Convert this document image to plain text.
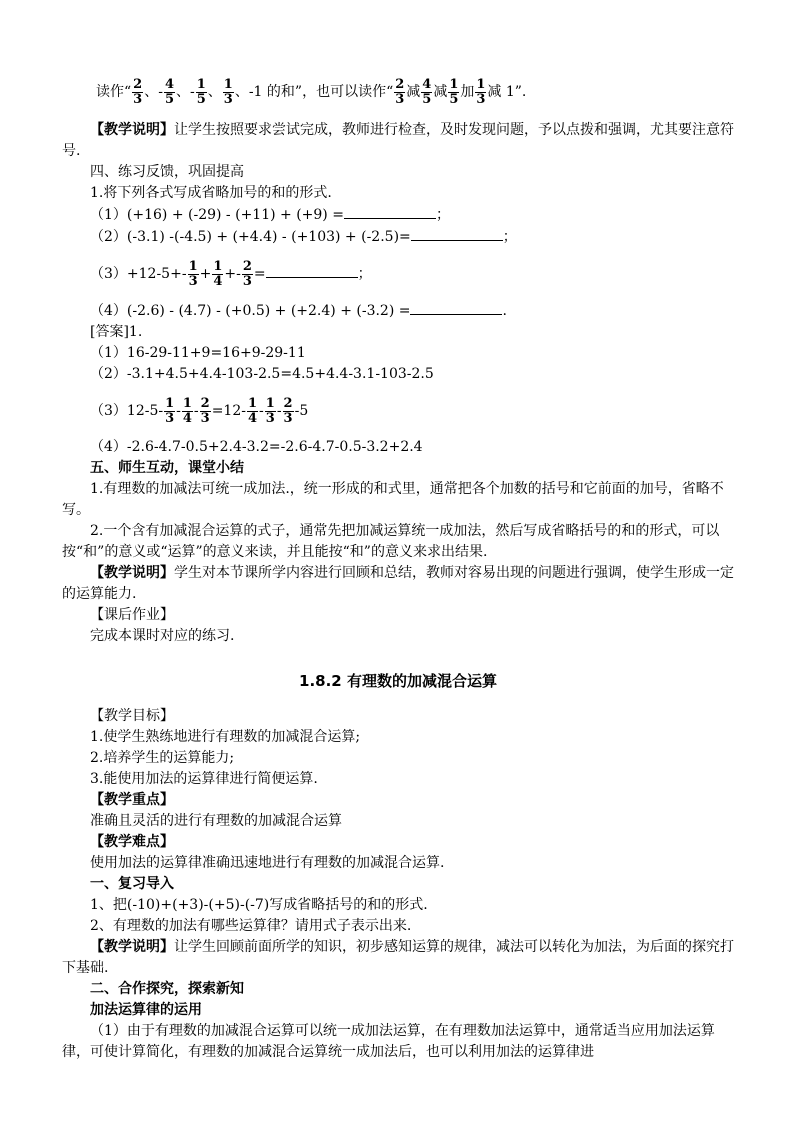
读作“ $\frac{2}{3}$ 、- $\frac{4}{5}$ 、- $\frac{1}{5}$ 、 $\frac{1}{3}$ 、-1 的和”，也可以读作“ $\frac{2}{3}$ 减 $\frac{4}{5}$ 减 $\frac{1}{5}$ 加 $\frac{1}{3}$ 减 1”.

【教学说明】让学生按照要求尝试完成，教师进行检查，及时发现问题，予以点拨和强调，尤其要注意符号.

四、练习反馈，巩固提高

1.将下列各式写成省略加号的和的形式.

（1）(+16) + (-29) - (+11) + (+9) =	；

（2）(-3.1) -(-4.5) + (+4.4) - (+103) + (-2.5)=	；

$(3)+12-5+- \frac{1}{3} + \frac{1}{4} +- \frac{2}{3}$ =	；

（4）(-2.6) - (4.7) - (+0.5) + (+2.4) + (-3.2) =	.

[答案]1.

（1）16-29-11+9=16+9-29-11

（2）-3.1+4.5+4.4-103-2.5=4.5+4.4-3.1-103-2.5

$(3)12-5- \frac{1}{3} - \frac{1}{4} - \frac{2}{3} =12- \frac{1}{4} - \frac{1}{3} - \frac{2}{3} -5$

（4）-2.6-4.7-0.5+2.4-3.2=-2.6-4.7-0.5-3.2+2.4

五、师生互动，课堂小结

1.有理数的加减法可统一成加法.，统一形成的和式里，通常把各个加数的括号和它前面的加号，省略不写。

2.一个含有加减混合运算的式子，通常先把加减运算统一成加法，然后写成省略括号的和的形式，可以按“和”的意义或“运算”的意义来读，并且能按“和”的意义来求出结果.

【教学说明】学生对本节课所学内容进行回顾和总结，教师对容易出现的问题进行强调，使学生形成一定的运算能力.

【课后作业】

完成本课时对应的练习.

1.8.2 有理数的加减混合运算

【教学目标】

1.使学生熟练地进行有理数的加减混合运算;

2.培养学生的运算能力;

3.能使用加法的运算律进行简便运算.

【教学重点】

准确且灵活的进行有理数的加减混合运算

【教学难点】

使用加法的运算律准确迅速地进行有理数的加减混合运算.

一、复习导入

1、把(-10)+(+3)-(+5)-(-7)写成省略括号的和的形式.

2、有理数的加法有哪些运算律？请用式子表示出来.

【教学说明】让学生回顾前面所学的知识，初步感知运算的规律，减法可以转化为加法，为后面的探究打下基础.

二、合作探究，探索新知

加法运算律的运用

（1）由于有理数的加减混合运算可以统一成加法运算，在有理数加法运算中，通常适当应用加法运算律，可使计算简化，有理数的加减混合运算统一成加法后，也可以利用加法的运算律进
